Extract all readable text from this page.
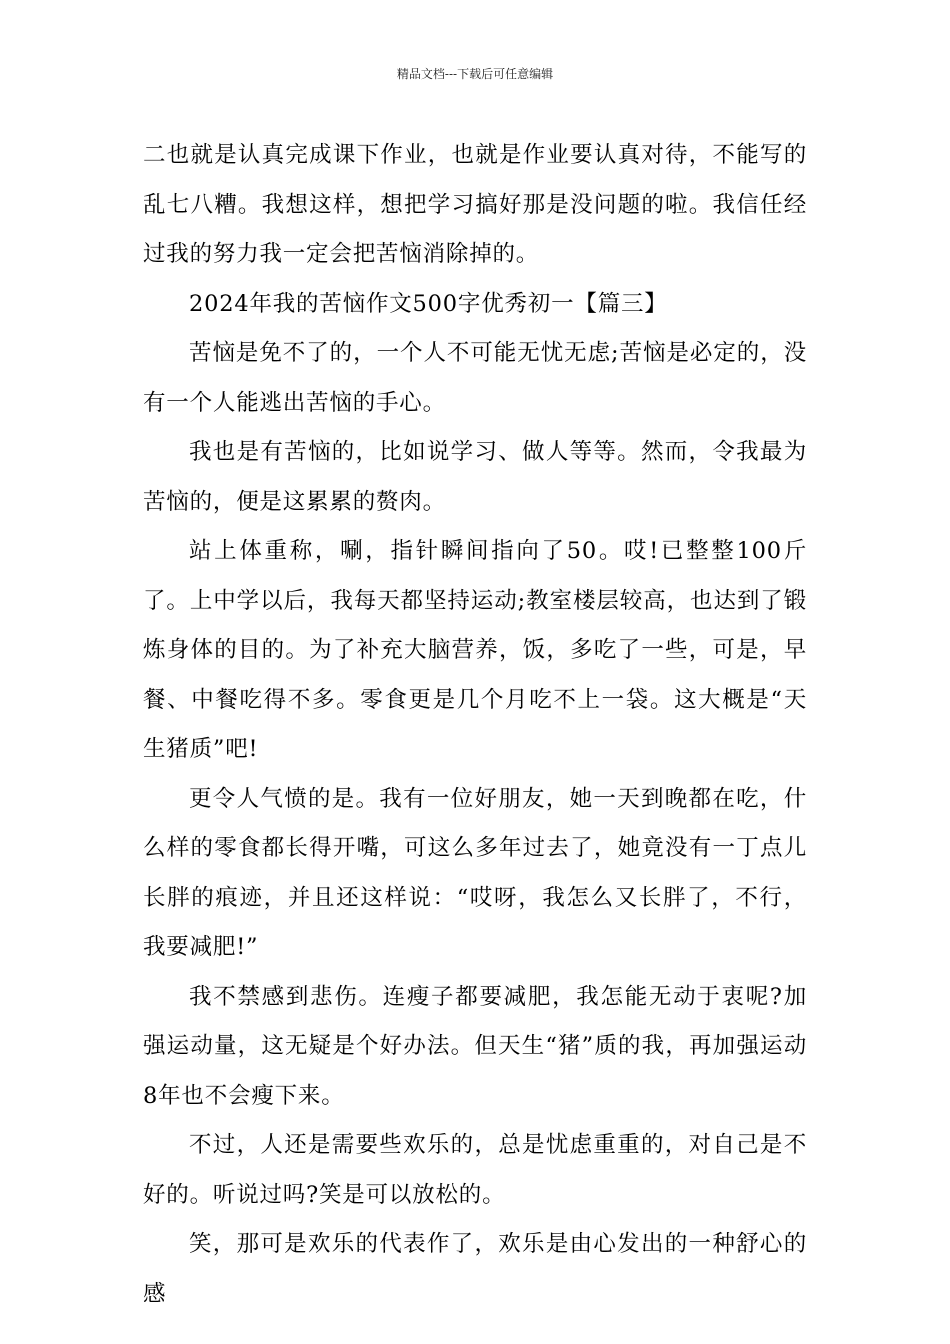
精品文档---下载后可任意编辑

二也就是认真完成课下作业，也就是作业要认真对待，不能写的乱七八糟。我想这样，想把学习搞好那是没问题的啦。我信任经过我的努力我一定会把苦恼消除掉的。

2024年我的苦恼作文500字优秀初一【篇三】

苦恼是免不了的，一个人不可能无忧无虑;苦恼是必定的，没有一个人能逃出苦恼的手心。

我也是有苦恼的，比如说学习、做人等等。然而，令我最为苦恼的，便是这累累的赘肉。

站上体重称，唰，指针瞬间指向了50。哎!已整整100斤了。上中学以后，我每天都坚持运动;教室楼层较高，也达到了锻炼身体的目的。为了补充大脑营养，饭，多吃了一些，可是，早餐、中餐吃得不多。零食更是几个月吃不上一袋。这大概是“天生猪质”吧!

更令人气愤的是。我有一位好朋友，她一天到晚都在吃，什么样的零食都长得开嘴，可这么多年过去了，她竟没有一丁点儿长胖的痕迹，并且还这样说：“哎呀，我怎么又长胖了，不行，我要减肥!”

我不禁感到悲伤。连瘦子都要减肥，我怎能无动于衷呢?加强运动量，这无疑是个好办法。但天生“猪”质的我，再加强运动8年也不会瘦下来。

不过，人还是需要些欢乐的，总是忧虑重重的，对自己是不好的。听说过吗?笑是可以放松的。

笑，那可是欢乐的代表作了，欢乐是由心发出的一种舒心的感
